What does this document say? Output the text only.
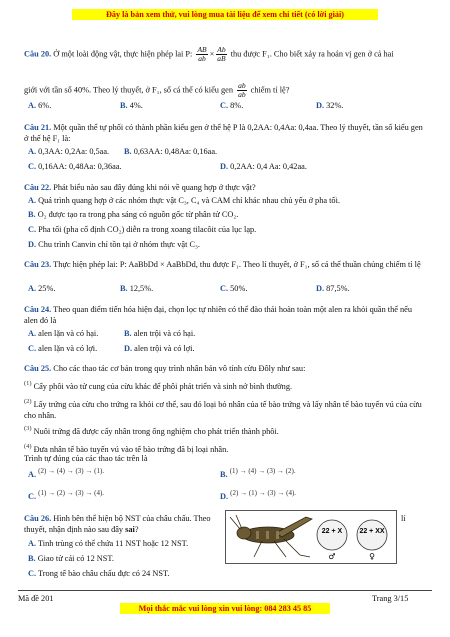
Đây là bản xem thử, vui lòng mua tài liệu để xem chi tiết (có lời giải)
Câu 20. Ở một loài động vật, thực hiện phép lai P: $\frac{AB}{ab} \times \frac{Ab}{aB}$ thu được F₁. Cho biết xảy ra hoán vị gen ở cả hai
giới với tần số 40%. Theo lý thuyết, ở F₁, số cá thể có kiểu gen $\frac{ab}{ab}$ chiếm tỉ lệ?
A. 6%.	B. 4%.	C. 8%.	D. 32%.
Câu 21. Một quần thể tự phối có thành phần kiểu gen ở thế hệ P là 0,2AA: 0,4Aa: 0,4aa. Theo lý thuyết, tần số kiểu gen ở thế hệ F₁ là:
A. 0,3AA: 0,2Aa: 0,5aa. B. 0,63AA: 0,48Aa: 0,16aa.
C. 0,16AA: 0,48Aa: 0,36aa.	D. 0,2AA: 0,4 Aa: 0,42aa.
Câu 22. Phát biểu nào sau đây đúng khi nói về quang hợp ở thực vật?
A. Quá trình quang hợp ở các nhóm thực vật C₃, C₄ và CAM chỉ khác nhau chủ yếu ở pha tối.
B. O₂ được tạo ra trong pha sáng có nguồn gốc từ phân tử CO₂.
C. Pha tối (pha cố định CO₂) diễn ra trong xoang tilacôit của lục lạp.
D. Chu trình Canvin chỉ tồn tại ở nhóm thực vật C₃.
Câu 23. Thực hiện phép lai: P: AaBbDd × AaBbDd, thu được F₁. Theo lí thuyết, ở F₁, số cá thể thuần chủng chiếm tỉ lệ
A. 25%.	B. 12,5%.	C. 50%.	D. 87,5%.
Câu 24. Theo quan điểm tiến hóa hiện đại, chọn lọc tự nhiên có thể đào thải hoàn toàn một alen ra khỏi quần thể nếu alen đó là
A. alen lặn và có hại.	B. alen trội và có hại.
C. alen lặn và có lợi.	D. alen trội và có lợi.
Câu 25. Cho các thao tác cơ bản trong quy trình nhân bản vô tính cừu Đôly như sau:
(1) Cấy phôi vào tử cung của cừu khác để phôi phát triển và sinh nở bình thường.
(2) Lấy trứng của cừu cho trứng ra khỏi cơ thể, sau đó loại bỏ nhân của tế bào trứng và lấy nhân tế bào tuyến vú của cừu cho nhân.
(3) Nuôi trứng đã được cấy nhân trong ống nghiệm cho phát triển thành phôi.
(4) Đưa nhân tế bào tuyến vú vào tế bào trứng đã bị loại nhân.
Trình tự đúng của các thao tác trên là
A. $^{(2) \to (4) \to (3) \to (1).}$	B. $^{(1) \to (4) \to (3) \to (2).}$
C. $^{(1) \to (2) \to (3) \to (4).}$	D. $^{(2) \to (1) \to (3) \to (4).}$
Câu 26. Hình bên thể hiện bộ NST của châu chấu. Theo	lí
thuyết, nhận định nào sau đây sai?	22 + X 22 + XX
♂	♀
A. Tinh trùng có thể chứa 11 NST hoặc 12 NST.
B. Giao tử cái có 12 NST.
C. Trong tế bào châu chấu đực có 24 NST.
Mã đề 201	Trang 3/15
Mọi thắc mắc vui lòng xin vui lòng: 084 283 45 85
